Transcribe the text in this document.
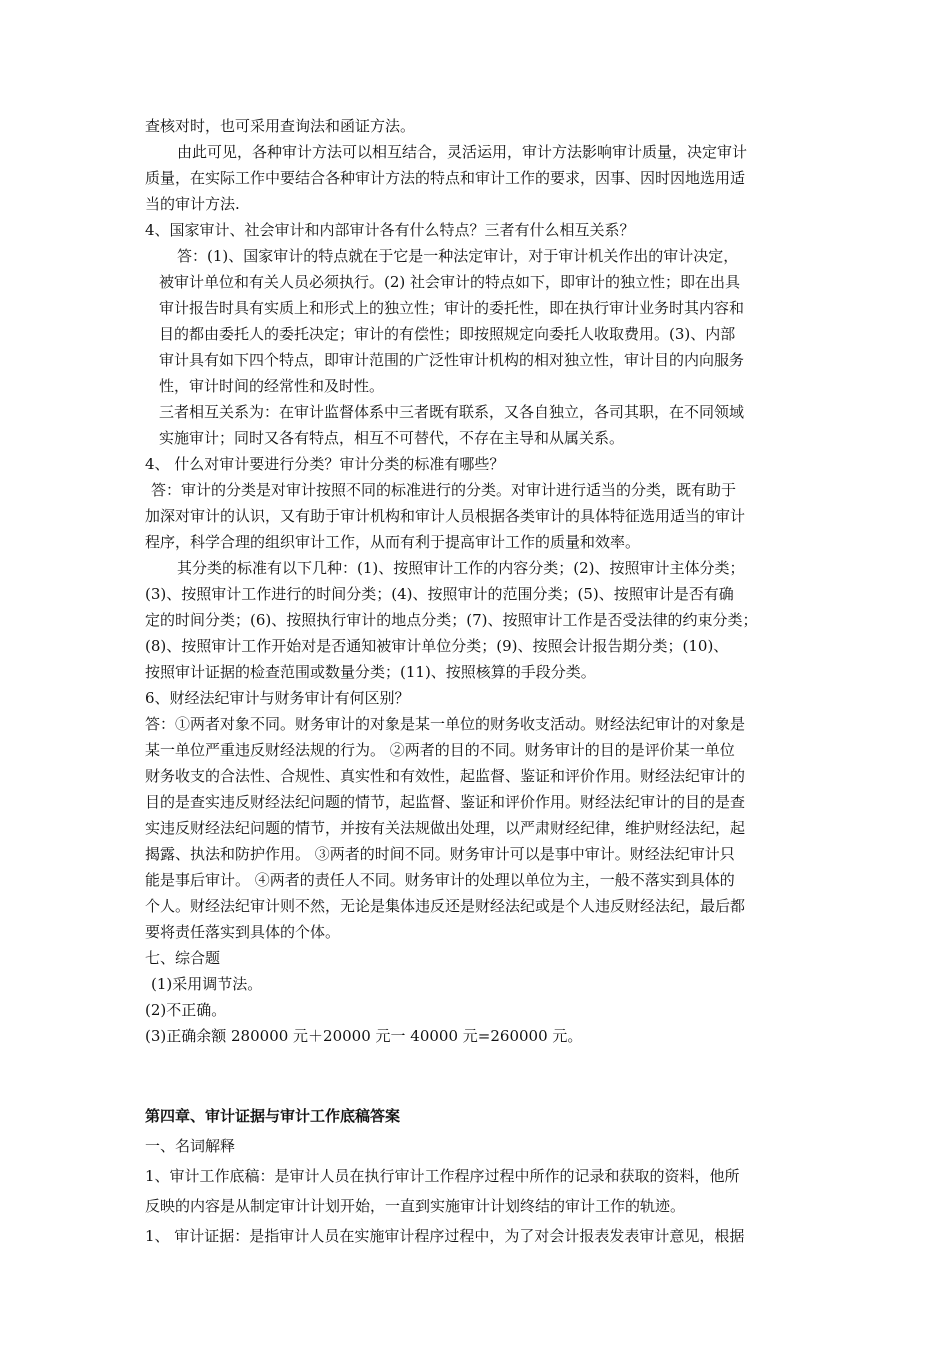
查核对时，也可采用查询法和函证方法。
由此可见，各种审计方法可以相互结合，灵活运用，审计方法影响审计质量，决定审计
质量，在实际工作中要结合各种审计方法的特点和审计工作的要求，因事、因时因地选用适
当的审计方法.
4、国家审计、社会审计和内部审计各有什么特点？三者有什么相互关系？
答：(1)、国家审计的特点就在于它是一种法定审计，对于审计机关作出的审计决定，
被审计单位和有关人员必须执行。(2) 社会审计的特点如下，即审计的独立性；即在出具
审计报告时具有实质上和形式上的独立性；审计的委托性，即在执行审计业务时其内容和
目的都由委托人的委托决定；审计的有偿性；即按照规定向委托人收取费用。(3)、内部
审计具有如下四个特点，即审计范围的广泛性审计机构的相对独立性，审计目的内向服务
性，审计时间的经常性和及时性。
三者相互关系为：在审计监督体系中三者既有联系，又各自独立，各司其职，在不同领域
实施审计；同时又各有特点，相互不可替代，不存在主导和从属关系。
4、 什么对审计要进行分类？审计分类的标准有哪些？
答：审计的分类是对审计按照不同的标准进行的分类。对审计进行适当的分类，既有助于
加深对审计的认识，又有助于审计机构和审计人员根据各类审计的具体特征选用适当的审计
程序，科学合理的组织审计工作，从而有利于提高审计工作的质量和效率。
其分类的标准有以下几种：(1)、按照审计工作的内容分类；(2)、按照审计主体分类；
(3)、按照审计工作进行的时间分类；(4)、按照审计的范围分类；(5)、按照审计是否有确
定的时间分类；(6)、按照执行审计的地点分类；(7)、按照审计工作是否受法律的约束分类；
(8)、按照审计工作开始对是否通知被审计单位分类；(9)、按照会计报告期分类；(10)、
按照审计证据的检查范围或数量分类；(11)、按照核算的手段分类。
6、财经法纪审计与财务审计有何区别？
答：①两者对象不同。财务审计的对象是某一单位的财务收支活动。财经法纪审计的对象是
某一单位严重违反财经法规的行为。 ②两者的目的不同。财务审计的目的是评价某一单位
财务收支的合法性、合规性、真实性和有效性，起监督、鉴证和评价作用。财经法纪审计的
目的是查实违反财经法纪问题的情节，起监督、鉴证和评价作用。财经法纪审计的目的是查
实违反财经法纪问题的情节，并按有关法规做出处理，以严肃财经纪律，维护财经法纪，起
揭露、执法和防护作用。 ③两者的时间不同。财务审计可以是事中审计。财经法纪审计只
能是事后审计。 ④两者的责任人不同。财务审计的处理以单位为主，一般不落实到具体的
个人。财经法纪审计则不然，无论是集体违反还是财经法纪或是个人违反财经法纪，最后都
要将责任落实到具体的个体。
七、综合题
(1)采用调节法。
(2)不正确。
(3)正确余额 280000 元＋20000 元一 40000 元=260000 元。
第四章、审计证据与审计工作底稿答案
一、名词解释
1、审计工作底稿：是审计人员在执行审计工作程序过程中所作的记录和获取的资料，他所
反映的内容是从制定审计计划开始，一直到实施审计计划终结的审计工作的轨迹。
1、 审计证据：是指审计人员在实施审计程序过程中，为了对会计报表发表审计意见，根据
